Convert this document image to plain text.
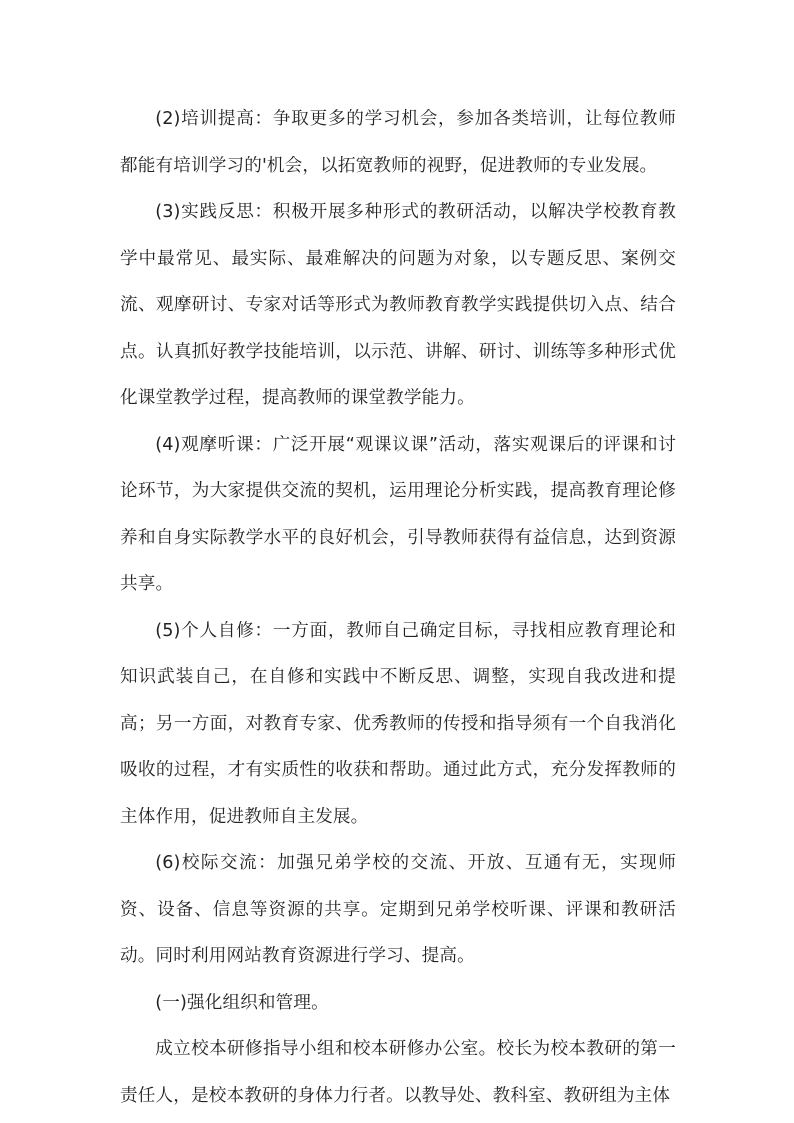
(2)培训提高：争取更多的学习机会，参加各类培训，让每位教师都能有培训学习的'机会，以拓宽教师的视野，促进教师的专业发展。

(3)实践反思：积极开展多种形式的教研活动，以解决学校教育教学中最常见、最实际、最难解决的问题为对象，以专题反思、案例交流、观摩研讨、专家对话等形式为教师教育教学实践提供切入点、结合点。认真抓好教学技能培训，以示范、讲解、研讨、训练等多种形式优化课堂教学过程，提高教师的课堂教学能力。

(4)观摩听课：广泛开展“观课议课”活动，落实观课后的评课和讨论环节，为大家提供交流的契机，运用理论分析实践，提高教育理论修养和自身实际教学水平的良好机会，引导教师获得有益信息，达到资源共享。

(5)个人自修：一方面，教师自己确定目标，寻找相应教育理论和知识武装自己，在自修和实践中不断反思、调整，实现自我改进和提高；另一方面，对教育专家、优秀教师的传授和指导须有一个自我消化吸收的过程，才有实质性的收获和帮助。通过此方式，充分发挥教师的主体作用，促进教师自主发展。

(6)校际交流：加强兄弟学校的交流、开放、互通有无，实现师资、设备、信息等资源的共享。定期到兄弟学校听课、评课和教研活动。同时利用网站教育资源进行学习、提高。

(一)强化组织和管理。

成立校本研修指导小组和校本研修办公室。校长为校本教研的第一责任人，是校本教研的身体力行者。以教导处、教科室、教研组为主体
